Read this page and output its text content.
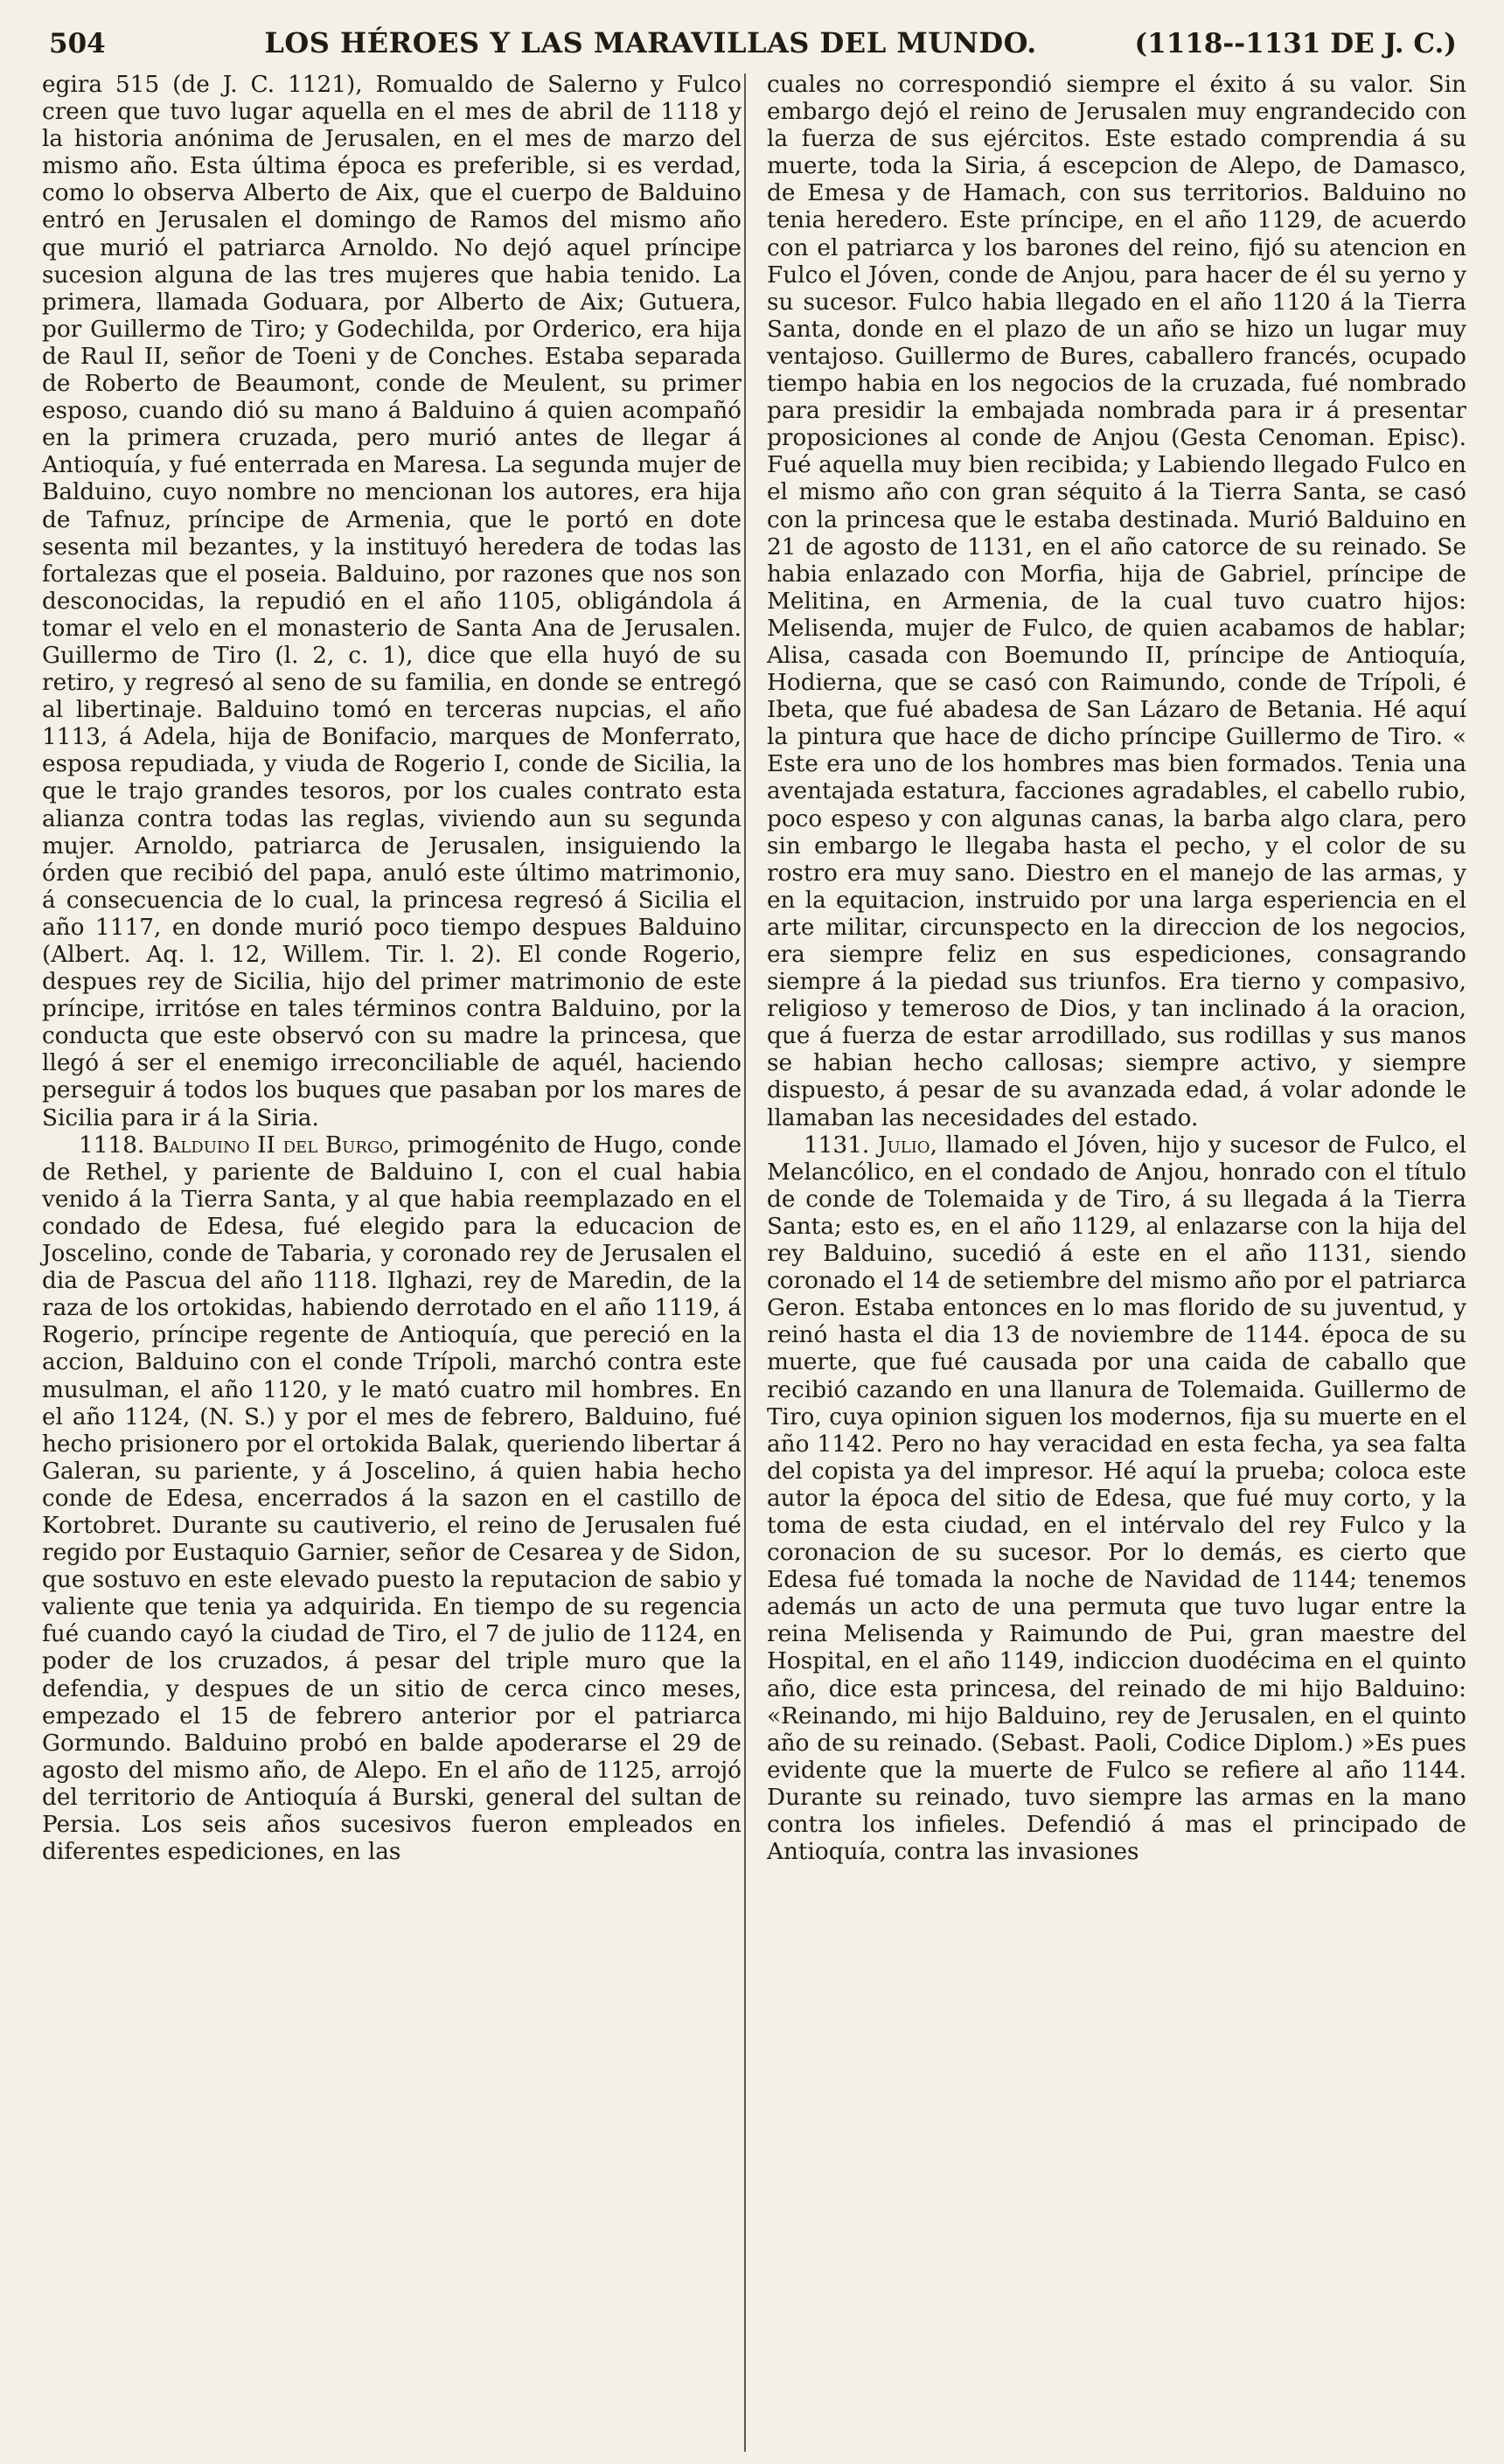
504	LOS HÉROES Y LAS MARAVILLAS DEL MUNDO.	(1118--1131 DE J. C.)

egira 515 (de J. C. 1121), Romualdo de Salerno y Fulco creen que tuvo lugar aquella en el mes de abril de 1118 y la historia anónima de Jerusalen, en el mes de marzo del mismo año. Esta última época es preferible, si es verdad, como lo observa Alberto de Aix, que el cuerpo de Balduino entró en Jerusalen el domingo de Ramos del mismo año que murió el patriarca Arnoldo. No dejó aquel príncipe sucesion alguna de las tres mujeres que habia tenido. La primera, llamada Goduara, por Alberto de Aix; Gutuera, por Guillermo de Tiro; y Godechilda, por Orderico, era hija de Raul II, señor de Toeni y de Conches. Estaba separada de Roberto de Beaumont, conde de Meulent, su primer esposo, cuando dió su mano á Balduino á quien acompañó en la primera cruzada, pero murió antes de llegar á Antioquía, y fué enterrada en Maresa. La segunda mujer de Balduino, cuyo nombre no mencionan los autores, era hija de Tafnuz, príncipe de Armenia, que le portó en dote sesenta mil bezantes, y la instituyó heredera de todas las fortalezas que el poseia. Balduino, por razones que nos son desconocidas, la repudió en el año 1105, obligándola á tomar el velo en el monasterio de Santa Ana de Jerusalen. Guillermo de Tiro (l. 2, c. 1), dice que ella huyó de su retiro, y regresó al seno de su familia, en donde se entregó al libertinaje. Balduino tomó en terceras nupcias, el año 1113, á Adela, hija de Bonifacio, marques de Monferrato, esposa repudiada, y viuda de Rogerio I, conde de Sicilia, la que le trajo grandes tesoros, por los cuales contrato esta alianza contra todas las reglas, viviendo aun su segunda mujer. Arnoldo, patriarca de Jerusalen, insiguiendo la órden que recibió del papa, anuló este último matrimonio, á consecuencia de lo cual, la princesa regresó á Sicilia el año 1117, en donde murió poco tiempo despues Balduino (Albert. Aq. l. 12, Willem. Tir. l. 2). El conde Rogerio, despues rey de Sicilia, hijo del primer matrimonio de este príncipe, irritóse en tales términos contra Balduino, por la conducta que este observó con su madre la princesa, que llegó á ser el enemigo irreconciliable de aquél, haciendo perseguir á todos los buques que pasaban por los mares de Sicilia para ir á la Siria.

1118. Balduino II del Burgo, primogénito de Hugo, conde de Rethel, y pariente de Balduino I, con el cual habia venido á la Tierra Santa, y al que habia reemplazado en el condado de Edesa, fué elegido para la educacion de Joscelino, conde de Tabaria, y coronado rey de Jerusalen el dia de Pascua del año 1118. Ilghazi, rey de Maredin, de la raza de los ortokidas, habiendo derrotado en el año 1119, á Rogerio, príncipe regente de Antioquía, que pereció en la accion, Balduino con el conde Trípoli, marchó contra este musulman, el año 1120, y le mató cuatro mil hombres. En el año 1124, (N. S.) y por el mes de febrero, Balduino, fué hecho prisionero por el ortokida Balak, queriendo libertar á Galeran, su pariente, y á Joscelino, á quien habia hecho conde de Edesa, encerrados á la sazon en el castillo de Kortobret. Durante su cautiverio, el reino de Jerusalen fué regido por Eustaquio Garnier, señor de Cesarea y de Sidon, que sostuvo en este elevado puesto la reputacion de sabio y valiente que tenia ya adquirida. En tiempo de su regencia fué cuando cayó la ciudad de Tiro, el 7 de julio de 1124, en poder de los cruzados, á pesar del triple muro que la defendia, y despues de un sitio de cerca cinco meses, empezado el 15 de febrero anterior por el patriarca Gormundo. Balduino probó en balde apoderarse el 29 de agosto del mismo año, de Alepo. En el año de 1125, arrojó del territorio de Antioquía á Burski, general del sultan de Persia. Los seis años sucesivos fueron empleados en diferentes espediciones, en las

cuales no correspondió siempre el éxito á su valor. Sin embargo dejó el reino de Jerusalen muy engrandecido con la fuerza de sus ejércitos. Este estado comprendia á su muerte, toda la Siria, á escepcion de Alepo, de Damasco, de Emesa y de Hamach, con sus territorios. Balduino no tenia heredero. Este príncipe, en el año 1129, de acuerdo con el patriarca y los barones del reino, fijó su atencion en Fulco el Jóven, conde de Anjou, para hacer de él su yerno y su sucesor. Fulco habia llegado en el año 1120 á la Tierra Santa, donde en el plazo de un año se hizo un lugar muy ventajoso. Guillermo de Bures, caballero francés, ocupado tiempo habia en los negocios de la cruzada, fué nombrado para presidir la embajada nombrada para ir á presentar proposiciones al conde de Anjou (Gesta Cenoman. Episc). Fué aquella muy bien recibida; y Labiendo llegado Fulco en el mismo año con gran séquito á la Tierra Santa, se casó con la princesa que le estaba destinada. Murió Balduino en 21 de agosto de 1131, en el año catorce de su reinado. Se habia enlazado con Morfia, hija de Gabriel, príncipe de Melitina, en Armenia, de la cual tuvo cuatro hijos: Melisenda, mujer de Fulco, de quien acabamos de hablar; Alisa, casada con Boemundo II, príncipe de Antioquía, Hodierna, que se casó con Raimundo, conde de Trípoli, é Ibeta, que fué abadesa de San Lázaro de Betania. Hé aquí la pintura que hace de dicho príncipe Guillermo de Tiro. « Este era uno de los hombres mas bien formados. Tenia una aventajada estatura, facciones agradables, el cabello rubio, poco espeso y con algunas canas, la barba algo clara, pero sin embargo le llegaba hasta el pecho, y el color de su rostro era muy sano. Diestro en el manejo de las armas, y en la equitacion, instruido por una larga esperiencia en el arte militar, circunspecto en la direccion de los negocios, era siempre feliz en sus espediciones, consagrando siempre á la piedad sus triunfos. Era tierno y compasivo, religioso y temeroso de Dios, y tan inclinado á la oracion, que á fuerza de estar arrodillado, sus rodillas y sus manos se habian hecho callosas; siempre activo, y siempre dispuesto, á pesar de su avanzada edad, á volar adonde le llamaban las necesidades del estado.

1131. Julio, llamado el Jóven, hijo y sucesor de Fulco, el Melancólico, en el condado de Anjou, honrado con el título de conde de Tolemaida y de Tiro, á su llegada á la Tierra Santa; esto es, en el año 1129, al enlazarse con la hija del rey Balduino, sucedió á este en el año 1131, siendo coronado el 14 de setiembre del mismo año por el patriarca Geron. Estaba entonces en lo mas florido de su juventud, y reinó hasta el dia 13 de noviembre de 1144. época de su muerte, que fué causada por una caida de caballo que recibió cazando en una llanura de Tolemaida. Guillermo de Tiro, cuya opinion siguen los modernos, fija su muerte en el año 1142. Pero no hay veracidad en esta fecha, ya sea falta del copista ya del impresor. Hé aquí la prueba; coloca este autor la época del sitio de Edesa, que fué muy corto, y la toma de esta ciudad, en el intérvalo del rey Fulco y la coronacion de su sucesor. Por lo demás, es cierto que Edesa fué tomada la noche de Navidad de 1144; tenemos además un acto de una permuta que tuvo lugar entre la reina Melisenda y Raimundo de Pui, gran maestre del Hospital, en el año 1149, indiccion duodécima en el quinto año, dice esta princesa, del reinado de mi hijo Balduino: «Reinando, mi hijo Balduino, rey de Jerusalen, en el quinto año de su reinado. (Sebast. Paoli, Codice Diplom.) »Es pues evidente que la muerte de Fulco se refiere al año 1144. Durante su reinado, tuvo siempre las armas en la mano contra los infieles. Defendió á mas el principado de Antioquía, contra las invasiones
